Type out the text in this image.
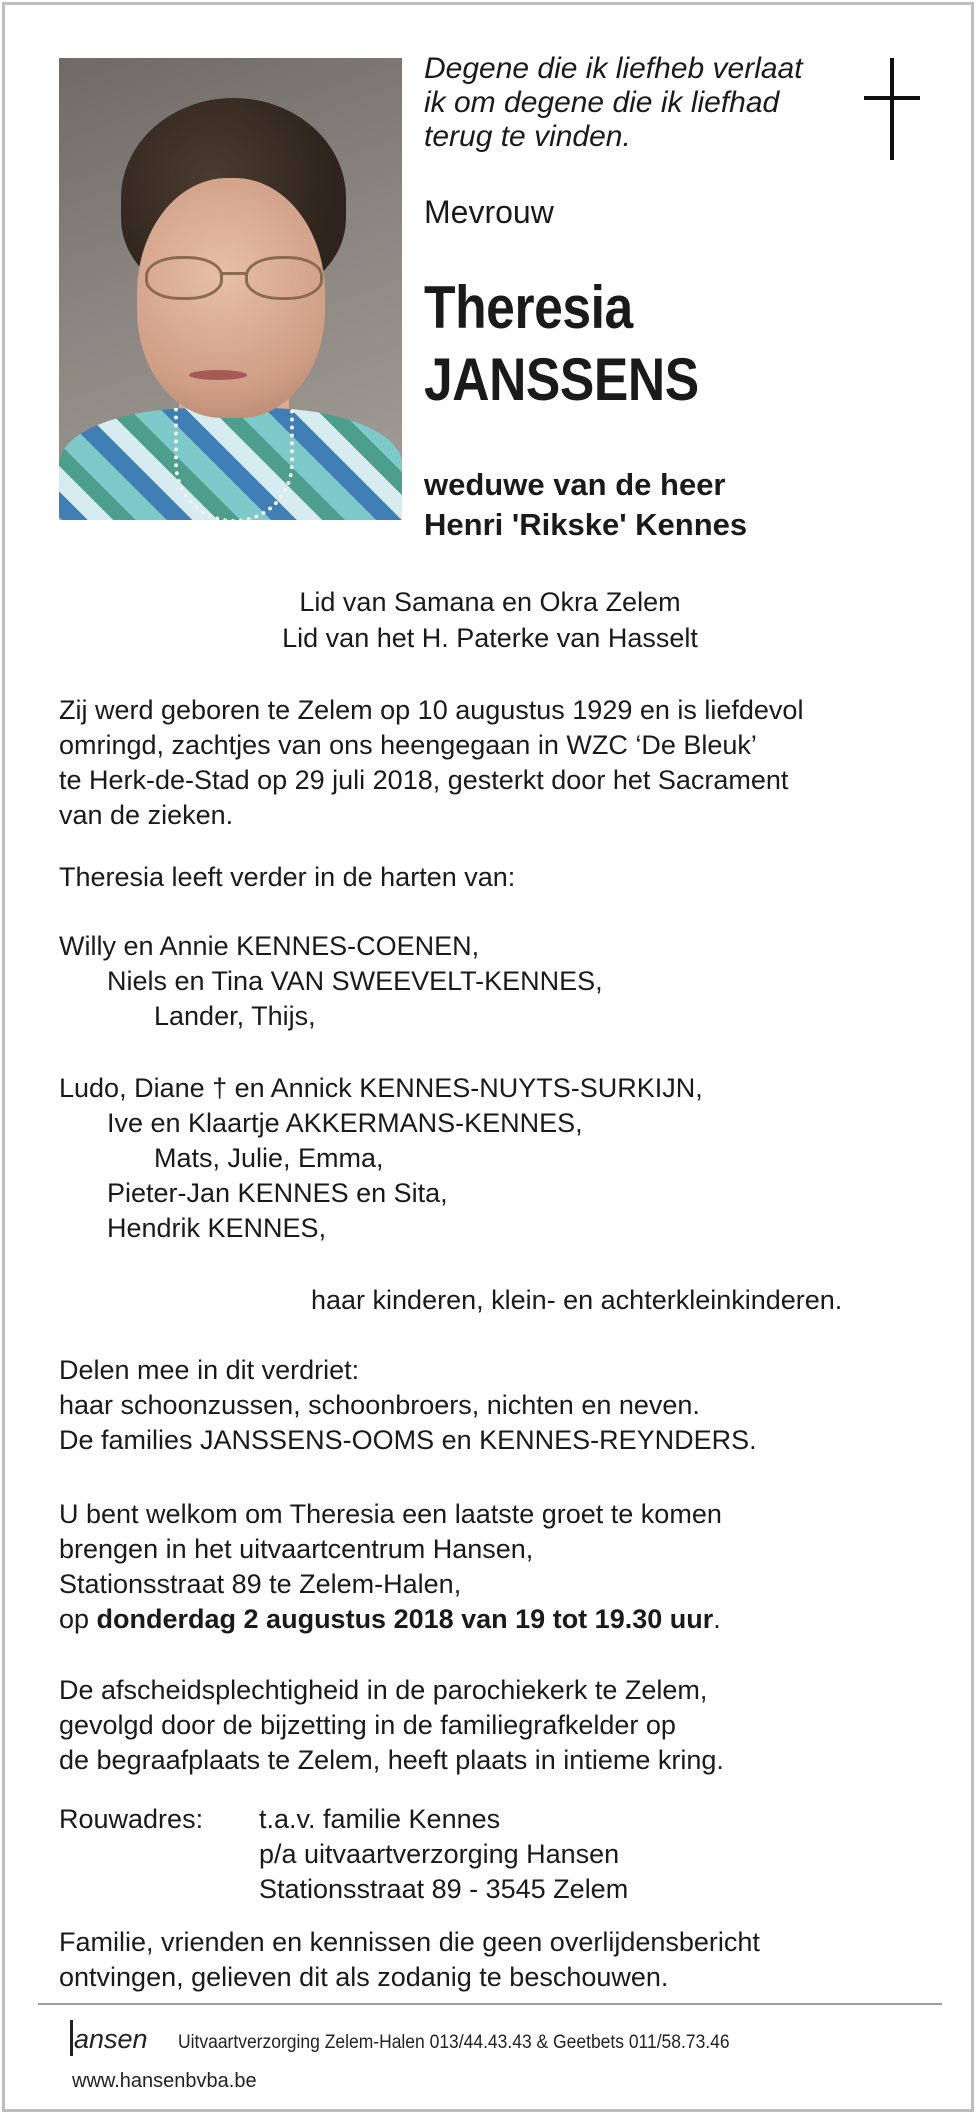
Degene die ik liefheb verlaat
ik om degene die ik liefhad
terug te vinden.
Mevrouw
Theresia
JANSSENS
weduwe van de heer
Henri 'Rikske' Kennes
Lid van Samana en Okra Zelem
Lid van het H. Paterke van Hasselt
Zij werd geboren te Zelem op 10 augustus 1929 en is liefdevol
omringd, zachtjes van ons heengegaan in WZC ‘De Bleuk’
te Herk-de-Stad op 29 juli 2018, gesterkt door het Sacrament
van de zieken.
Theresia leeft verder in de harten van:
Willy en Annie KENNES-COENEN,
Niels en Tina VAN SWEEVELT-KENNES,
Lander, Thijs,
Ludo, Diane † en Annick KENNES-NUYTS-SURKIJN,
Ive en Klaartje AKKERMANS-KENNES,
Mats, Julie, Emma,
Pieter-Jan KENNES en Sita,
Hendrik KENNES,
haar kinderen, klein- en achterkleinkinderen.
Delen mee in dit verdriet:
haar schoonzussen, schoonbroers, nichten en neven.
De families JANSSENS-OOMS en KENNES-REYNDERS.
U bent welkom om Theresia een laatste groet te komen
brengen in het uitvaartcentrum Hansen,
Stationsstraat 89 te Zelem-Halen,
op donderdag 2 augustus 2018 van 19 tot 19.30 uur.
De afscheidsplechtigheid in de parochiekerk te Zelem,
gevolgd door de bijzetting in de familiegrafkelder op
de begraafplaats te Zelem, heeft plaats in intieme kring.
Rouwadres: t.a.v. familie Kennes
p/a uitvaartverzorging Hansen
Stationsstraat 89 - 3545 Zelem
Familie, vrienden en kennissen die geen overlijdensbericht
ontvingen, gelieven dit als zodanig te beschouwen.
ansen Uitvaartverzorging Zelem-Halen 013/44.43.43 & Geetbets 011/58.73.46
www.hansenbvba.be
